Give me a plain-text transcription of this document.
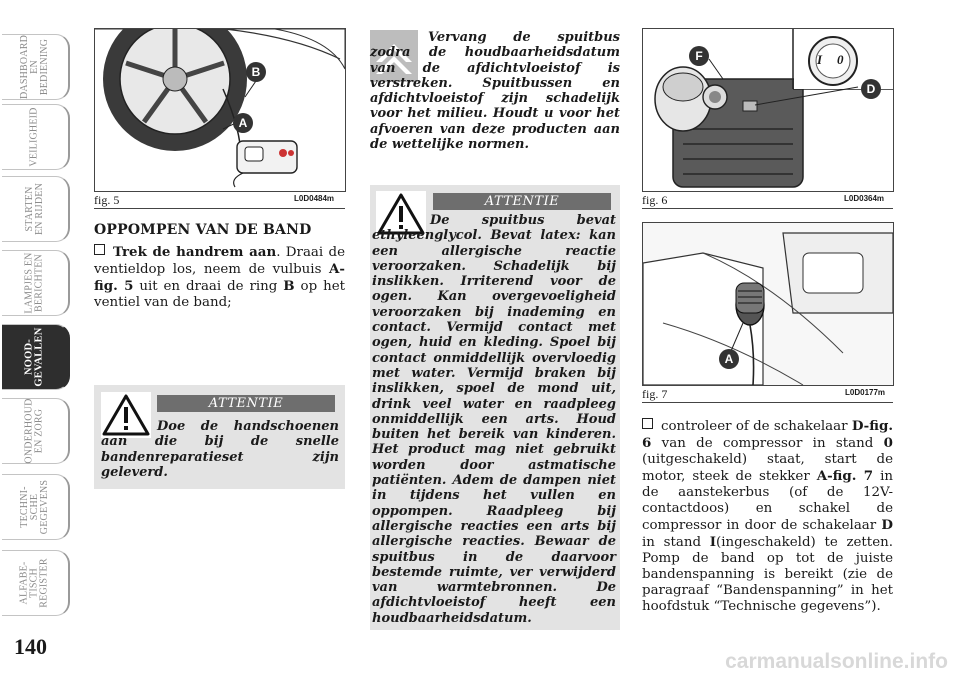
DASHBOARD
EN
BEDIENING
VEILIGHEID
STARTEN
EN RIJDEN
LAMPJES EN
BERICHTEN
NOOD-
GEVALLEN
ONDERHOUD
EN ZORG
TECHNI-
SCHE
GEGEVENS
ALFABE-
TISCH
REGISTER
140
B
A
fig. 5	L0D0484m
OPPOMPEN VAN DE BAND
Trek de handrem aan. Draai de ventieldop los, neem de vulbuis A-fig. 5 uit en draai de ring B op het ventiel van de band;
ATTENTIE
Doe de handschoenen aan die bij de snelle bandenreparatieset zijn geleverd.
Vervang de spuitbus zodra de houdbaarheidsdatum van de afdichtvloeistof is verstreken. Spuitbussen en afdichtvloeistof zijn schadelijk voor het milieu. Houdt u voor het afvoeren van deze producten aan de wettelijke normen.
ATTENTIE
De spuitbus bevat ethyleenglycol. Bevat latex: kan een allergische reactie veroorzaken. Schadelijk bij inslikken. Irriterend voor de ogen. Kan overgevoeligheid veroorzaken bij inademing en contact. Vermijd contact met ogen, huid en kleding. Spoel bij contact onmiddellijk overvloedig met water. Vermijd braken bij inslikken, spoel de mond uit, drink veel water en raadpleeg onmiddellijk een arts. Houd buiten het bereik van kinderen. Het product mag niet gebruikt worden door astmatische patiënten. Adem de dampen niet in tijdens het vullen en oppompen. Raadpleeg bij allergische reacties een arts bij allergische reacties. Bewaar de spuitbus in de daarvoor bestemde ruimte, ver verwijderd van warmtebronnen. De afdichtvloeistof heeft een houdbaarheidsdatum.
I 0
F
D
fig. 6	L0D0364m
A
fig. 7	L0D0177m
controleer of de schakelaar D-fig. 6 van de compressor in stand 0 (uitgeschakeld) staat, start de motor, steek de stekker A-fig. 7 in de aanstekerbus (of de 12V-contactdoos) en schakel de compressor in door de schakelaar D in stand I(ingeschakeld) te zetten. Pomp de band op tot de juiste bandenspanning is bereikt (zie de paragraaf “Bandenspanning” in het hoofdstuk “Technische gegevens”).
carmanualsonline.info
